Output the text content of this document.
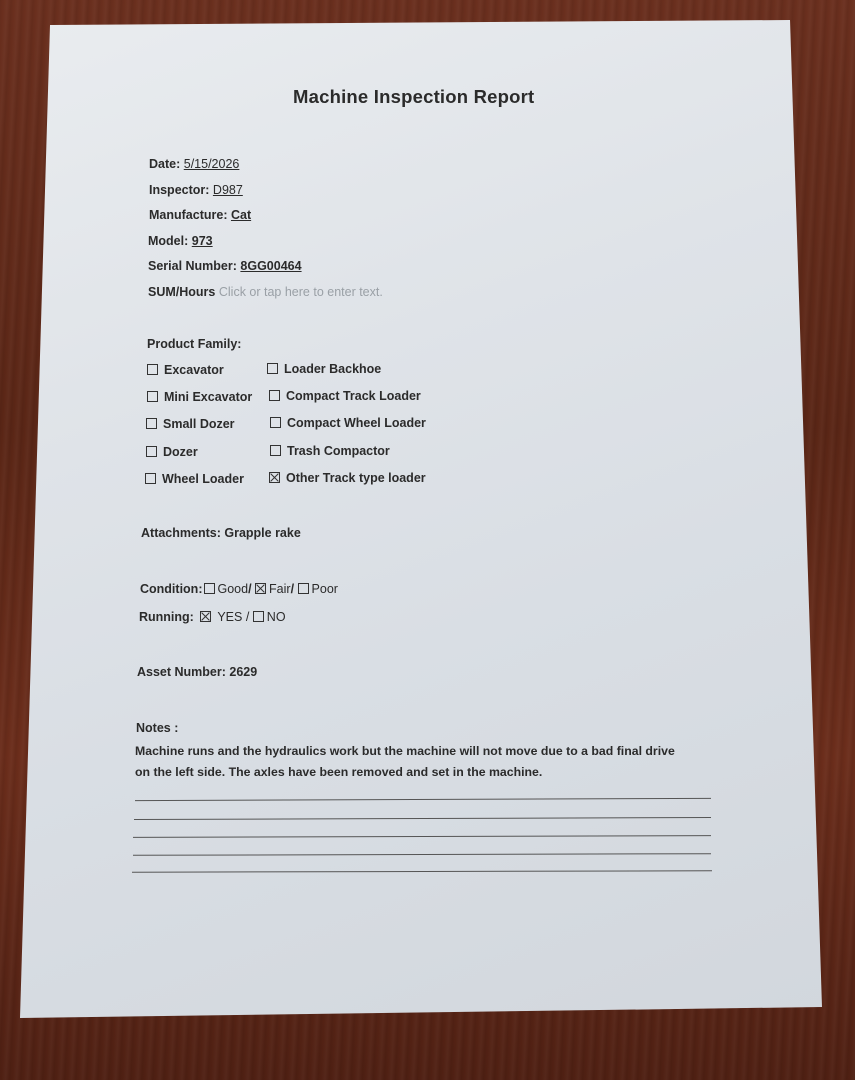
Machine Inspection Report
Date: 5/15/2026
Inspector: D987
Manufacture: Cat
Model: 973
Serial Number: 8GG00464
SUM/Hours Click or tap here to enter text.
Product Family:
Excavator
Mini Excavator
Small Dozer
Dozer
Wheel Loader
Loader Backhoe
Compact Track Loader
Compact Wheel Loader
Trash Compactor
Other Track type loader
Attachments: Grapple rake
Condition: Good/ Fair/ Poor
Running: YES / NO
Asset Number: 2629
Notes :
Machine runs and the hydraulics work but the machine will not move due to a bad final drive
on the left side. The axles have been removed and set in the machine.
